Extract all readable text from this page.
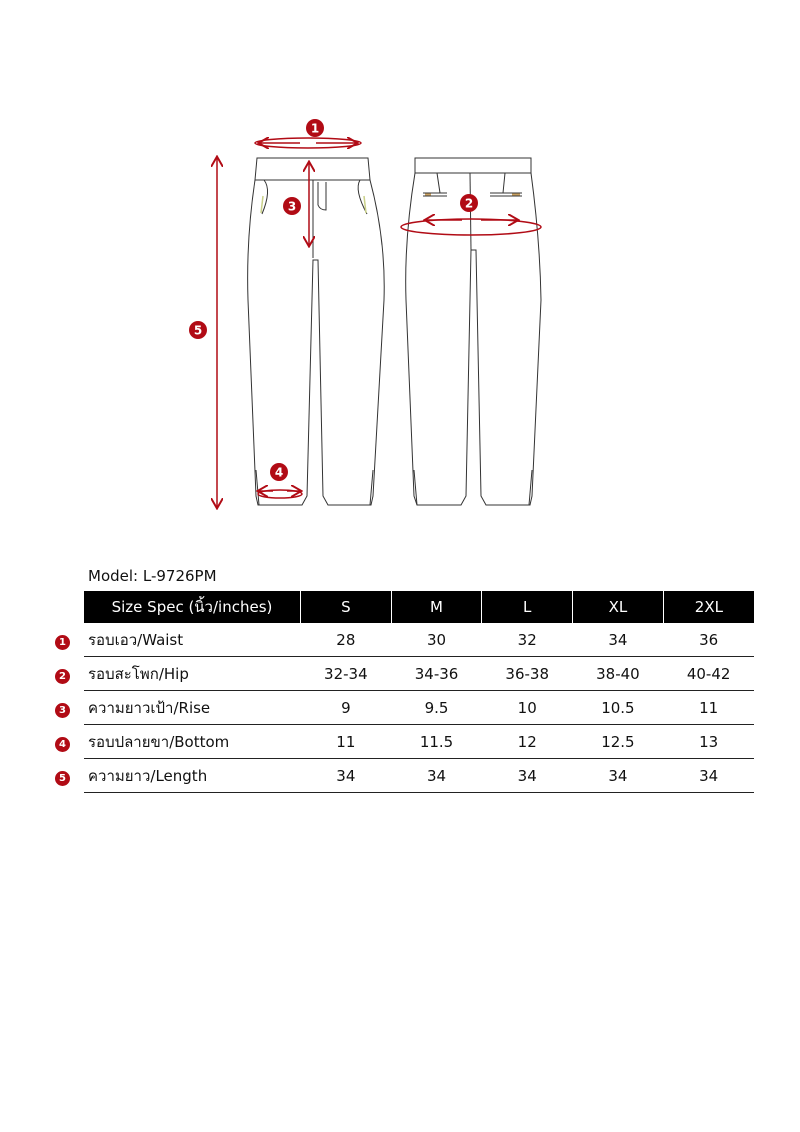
1
2
3
4
5
Model: L-9726PM
1
2
3
4
5
Size Spec (นิ้ว/inches)	S	M	L	XL	2XL
รอบเอว/Waist	28	30	32	34	36
รอบสะโพก/Hip	32-34	34-36	36-38	38-40	40-42
ความยาวเป้า/Rise	9	9.5	10	10.5	11
รอบปลายขา/Bottom	11	11.5	12	12.5	13
ความยาว/Length	34	34	34	34	34
